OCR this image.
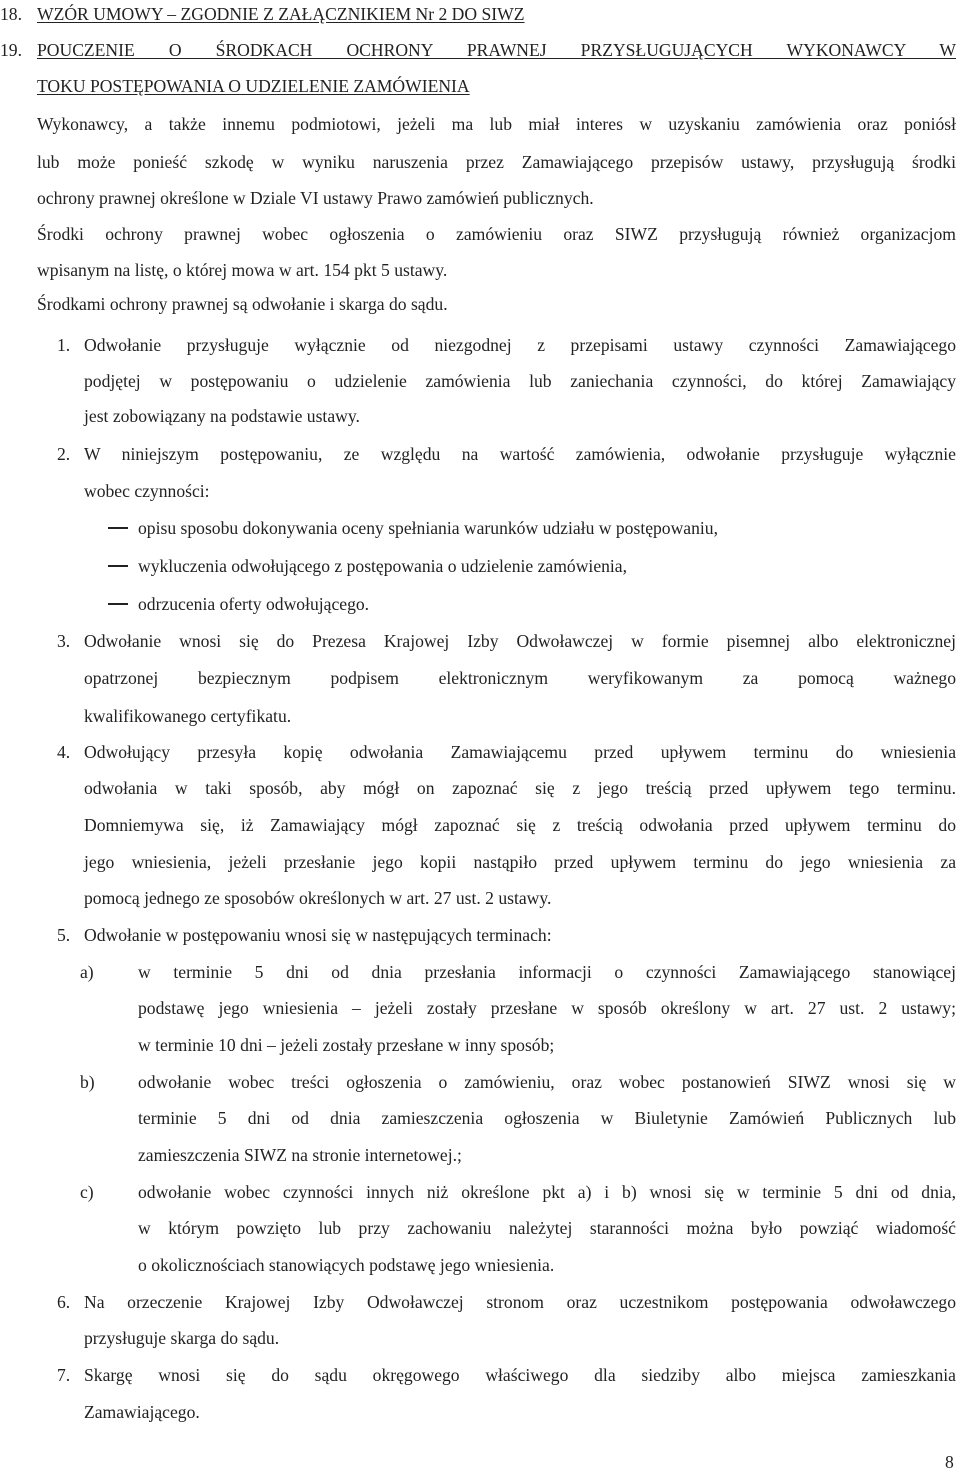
18. WZÓR UMOWY – ZGODNIE Z ZAŁĄCZNIKIEM Nr 2 DO SIWZ
19. POUCZENIE O ŚRODKACH OCHRONY PRAWNEJ PRZYSŁUGUJĄCYCH WYKONAWCY W
TOKU POSTĘPOWANIA O UDZIELENIE ZAMÓWIENIA
Wykonawcy, a także innemu podmiotowi, jeżeli ma lub miał interes w uzyskaniu zamówienia oraz poniósł
lub może ponieść szkodę w wyniku naruszenia przez Zamawiającego przepisów ustawy, przysługują środki
ochrony prawnej określone w Dziale VI ustawy Prawo zamówień publicznych.
Środki ochrony prawnej wobec ogłoszenia o zamówieniu oraz SIWZ przysługują również organizacjom
wpisanym na listę, o której mowa w art. 154 pkt 5 ustawy.
Środkami ochrony prawnej są odwołanie i skarga do sądu.
1. Odwołanie przysługuje wyłącznie od niezgodnej z przepisami ustawy czynności Zamawiającego
podjętej w postępowaniu o udzielenie zamówienia lub zaniechania czynności, do której Zamawiający
jest zobowiązany na podstawie ustawy.
2. W niniejszym postępowaniu, ze względu na wartość zamówienia, odwołanie przysługuje wyłącznie
wobec czynności:
opisu sposobu dokonywania oceny spełniania warunków udziału w postępowaniu,
wykluczenia odwołującego z postępowania o udzielenie zamówienia,
odrzucenia oferty odwołującego.
3. Odwołanie wnosi się do Prezesa Krajowej Izby Odwoławczej w formie pisemnej albo elektronicznej
opatrzonej bezpiecznym podpisem elektronicznym weryfikowanym za pomocą ważnego
kwalifikowanego certyfikatu.
4. Odwołujący przesyła kopię odwołania Zamawiającemu przed upływem terminu do wniesienia
odwołania w taki sposób, aby mógł on zapoznać się z jego treścią przed upływem tego terminu.
Domniemywa się, iż Zamawiający mógł zapoznać się z treścią odwołania przed upływem terminu do
jego wniesienia, jeżeli przesłanie jego kopii nastąpiło przed upływem terminu do jego wniesienia za
pomocą jednego ze sposobów określonych w art. 27 ust. 2 ustawy.
5. Odwołanie w postępowaniu wnosi się w następujących terminach:
a)	w terminie 5 dni od dnia przesłania informacji o czynności Zamawiającego stanowiącej
podstawę jego wniesienia – jeżeli zostały przesłane w sposób określony w art. 27 ust. 2 ustawy;
w terminie 10 dni – jeżeli zostały przesłane w inny sposób;
b) odwołanie wobec treści ogłoszenia o zamówieniu, oraz wobec postanowień SIWZ wnosi się w
terminie 5 dni od dnia zamieszczenia ogłoszenia w Biuletynie Zamówień Publicznych lub
zamieszczenia SIWZ na stronie internetowej.;
c)	odwołanie wobec czynności innych niż określone pkt a) i b) wnosi się w terminie 5 dni od dnia,
w którym powzięto lub przy zachowaniu należytej staranności można było powziąć wiadomość
o okolicznościach stanowiących podstawę jego wniesienia.
6. Na orzeczenie Krajowej Izby Odwoławczej stronom oraz uczestnikom postępowania odwoławczego
przysługuje skarga do sądu.
7. Skargę wnosi się do sądu okręgowego właściwego dla siedziby albo miejsca zamieszkania
Zamawiającego.
8
